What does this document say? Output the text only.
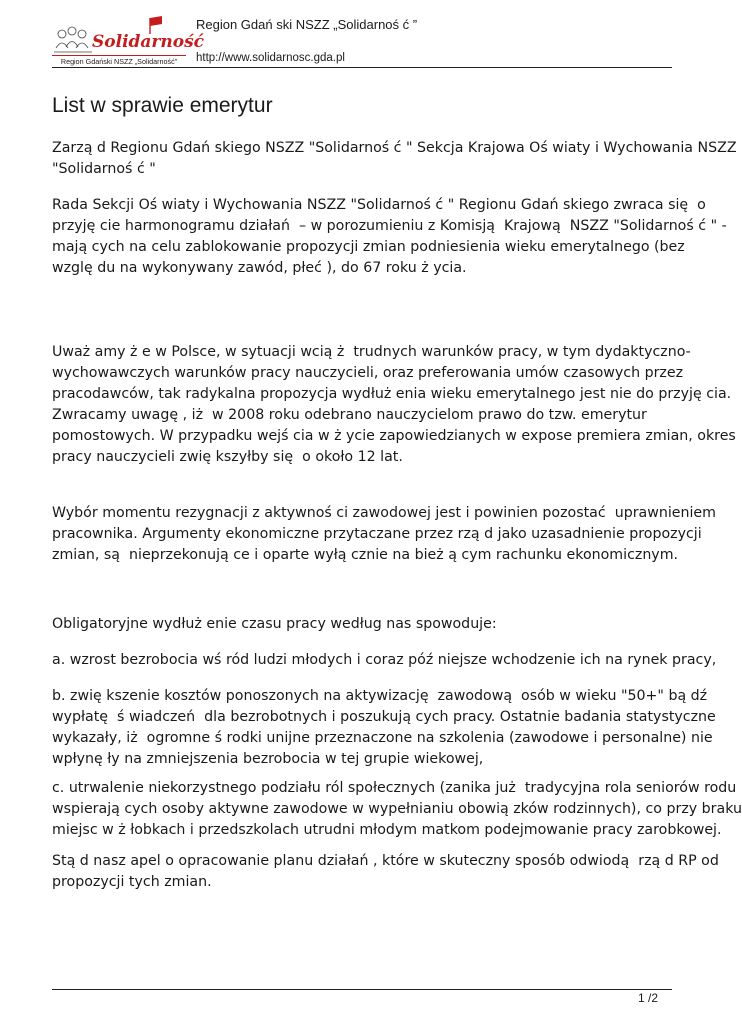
Solidarność
Region Gdański NSZZ „Solidarność”
Region Gdań ski NSZZ „Solidarnoś ć ”
http://www.solidarnosc.gda.pl
List w sprawie emerytur

Zarzą d Regionu Gdań skiego NSZZ "Solidarnoś ć " Sekcja Krajowa Oś wiaty i Wychowania NSZZ
"Solidarnoś ć "

Rada Sekcji Oś wiaty i Wychowania NSZZ "Solidarnoś ć " Regionu Gdań skiego zwraca się  o
przyję cie harmonogramu działań  – w porozumieniu z Komisją  Krajową  NSZZ "Solidarnoś ć " -
mają cych na celu zablokowanie propozycji zmian podniesienia wieku emerytalnego (bez
wzglę du na wykonywany zawód, płeć ), do 67 roku ż ycia.

Uważ amy ż e w Polsce, w sytuacji wcią ż  trudnych warunków pracy, w tym dydaktyczno-
wychowawczych warunków pracy nauczycieli, oraz preferowania umów czasowych przez
pracodawców, tak radykalna propozycja wydłuż enia wieku emerytalnego jest nie do przyję cia.
Zwracamy uwagę , iż  w 2008 roku odebrano nauczycielom prawo do tzw. emerytur
pomostowych. W przypadku wejś cia w ż ycie zapowiedzianych w expose premiera zmian, okres
pracy nauczycieli zwię kszyłby się  o około 12 lat.

Wybór momentu rezygnacji z aktywnoś ci zawodowej jest i powinien pozostać  uprawnieniem
pracownika. Argumenty ekonomiczne przytaczane przez rzą d jako uzasadnienie propozycji
zmian, są  nieprzekonują ce i oparte wyłą cznie na bież ą cym rachunku ekonomicznym.

Obligatoryjne wydłuż enie czasu pracy według nas spowoduje:

a. wzrost bezrobocia wś ród ludzi młodych i coraz póź niejsze wchodzenie ich na rynek pracy,

b. zwię kszenie kosztów ponoszonych na aktywizację  zawodową  osób w wieku "50+" bą dź
wypłatę  ś wiadczeń  dla bezrobotnych i poszukują cych pracy. Ostatnie badania statystyczne
wykazały, iż  ogromne ś rodki unijne przeznaczone na szkolenia (zawodowe i personalne) nie
wpłynę ły na zmniejszenia bezrobocia w tej grupie wiekowej,

c. utrwalenie niekorzystnego podziału ról społecznych (zanika już  tradycyjna rola seniorów rodu
wspierają cych osoby aktywne zawodowe w wypełnianiu obowią zków rodzinnych), co przy braku
miejsc w ż łobkach i przedszkolach utrudni młodym matkom podejmowanie pracy zarobkowej.

Stą d nasz apel o opracowanie planu działań , które w skuteczny sposób odwiodą  rzą d RP od
propozycji tych zmian.

1 /2
